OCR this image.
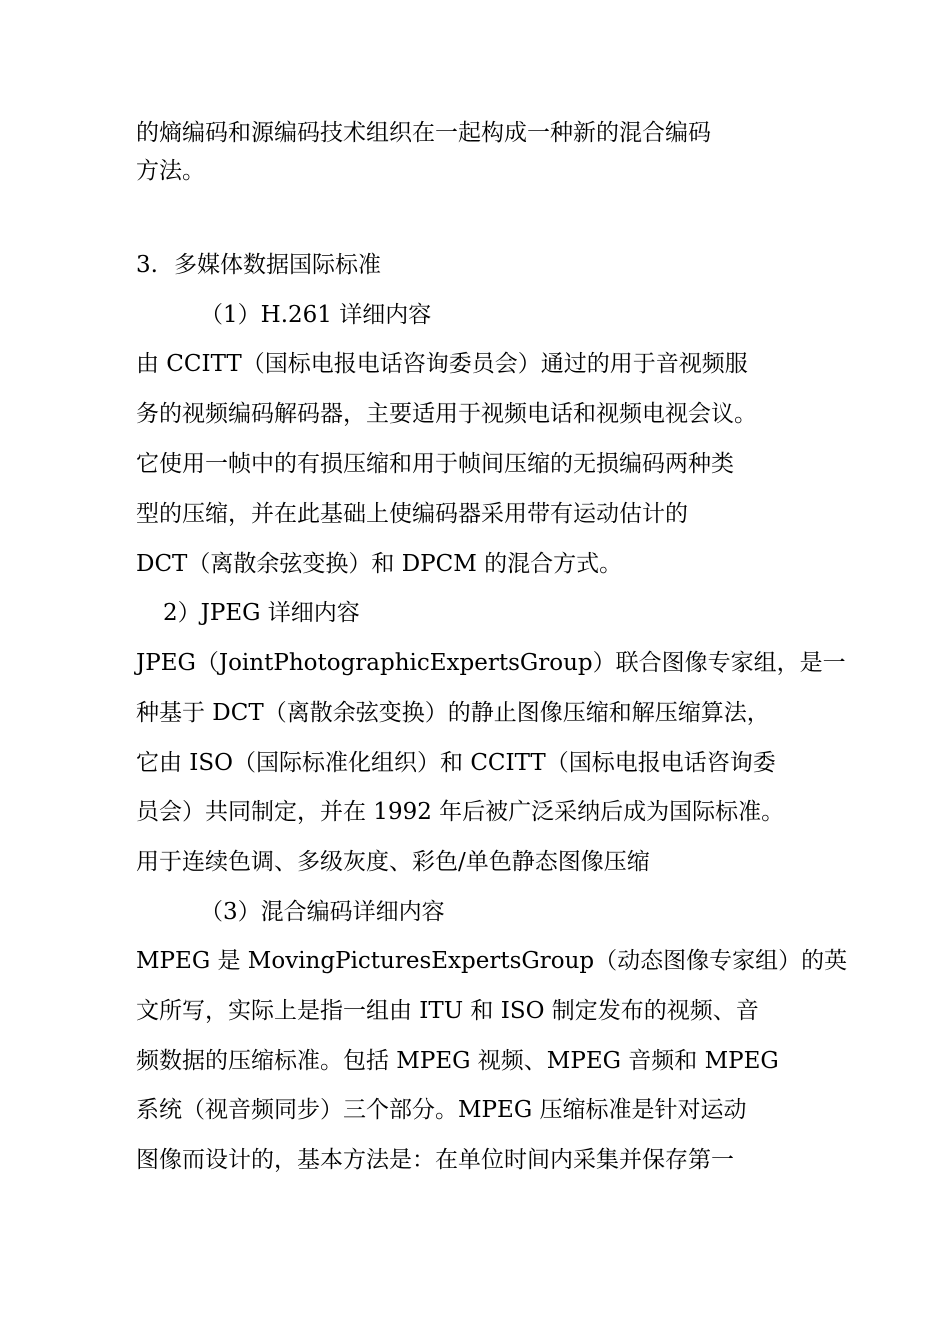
的熵编码和源编码技术组织在一起构成一种新的混合编码
方法。
3. 多媒体数据国际标准
（1）H.261 详细内容
由 CCITT（国标电报电话咨询委员会）通过的用于音视频服
务的视频编码解码器，主要适用于视频电话和视频电视会议。
它使用一帧中的有损压缩和用于帧间压缩的无损编码两种类
型的压缩，并在此基础上使编码器采用带有运动估计的
DCT（离散余弦变换）和 DPCM 的混合方式。
2）JPEG 详细内容
JPEG（JointPhotographicExpertsGroup）联合图像专家组，是一
种基于 DCT（离散余弦变换）的静止图像压缩和解压缩算法，
它由 ISO（国际标准化组织）和 CCITT（国标电报电话咨询委
员会）共同制定，并在 1992 年后被广泛采纳后成为国际标准。
用于连续色调、多级灰度、彩色/单色静态图像压缩
（3）混合编码详细内容
MPEG 是 MovingPicturesExpertsGroup（动态图像专家组）的英
文所写，实际上是指一组由 ITU 和 ISO 制定发布的视频、音
频数据的压缩标准。包括 MPEG 视频、MPEG 音频和 MPEG
系统（视音频同步）三个部分。MPEG 压缩标准是针对运动
图像而设计的，基本方法是：在单位时间内采集并保存第一
